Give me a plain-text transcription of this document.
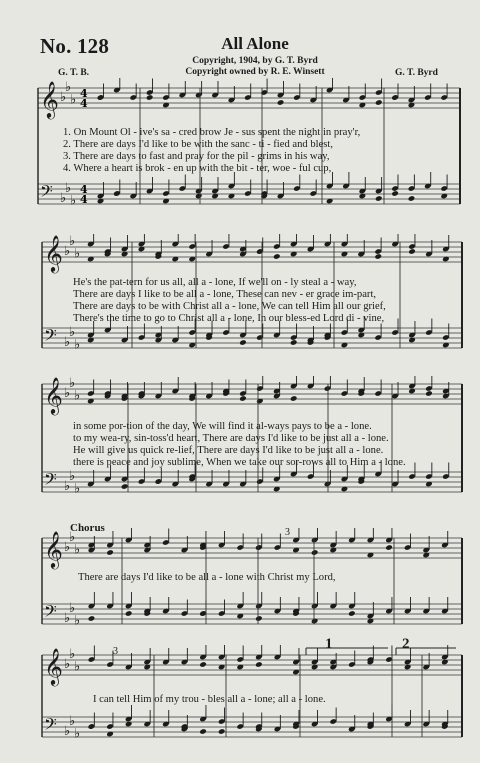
No. 128	All Alone
Copyright, 1904, by G. T. Byrd
Copyright owned by R. E. Winsett
G. T. B.	G. T. Byrd
𝄞
𝄢
♭
♭
♭
♭
♭
♭
4
4
4
4
1. On Mount Ol - ive's sa - cred brow Je - sus spent the night in pray'r,
2. There are days I'd like to be with the sanc - ti - fied and blest,
3. There are days to fast and pray for the pil - grims in his way,
4. Where a heart is brok - en up with the bit - ter, woe - ful cup,
𝄞
𝄢
♭
♭
♭
♭
♭
♭
He's the pat-tern for us all, all a - lone, If we'll on - ly steal a - way,
There are days I like to be all a - lone, These can nev - er grace im-part,
There are days to be with Christ all a - lone, We can tell Him all our grief,
There's the time to go to Christ all a - lone, In our bless-ed Lord di - vine,
𝄞
𝄢
♭
♭
♭
♭
♭
♭
in some por-tion of the day, We will find it al-ways pays to be a - lone.
to my wea-ry, sin-toss'd heart, There are days I'd like to be just all a - lone.
He will give us quick re-lief, There are days I'd like to be just all a - lone.
there is peace and joy sublime, When we take our sor-rows all to Him a - lone.
Chorus
𝄞
𝄢
♭
♭
♭
♭
♭
♭
3
There are days I'd like to be all a - lone with Christ my Lord,
𝄞
𝄢
♭
♭
♭
♭
♭
♭
3	1	2
I can tell Him of my trou - bles all a - lone; all a - lone.
